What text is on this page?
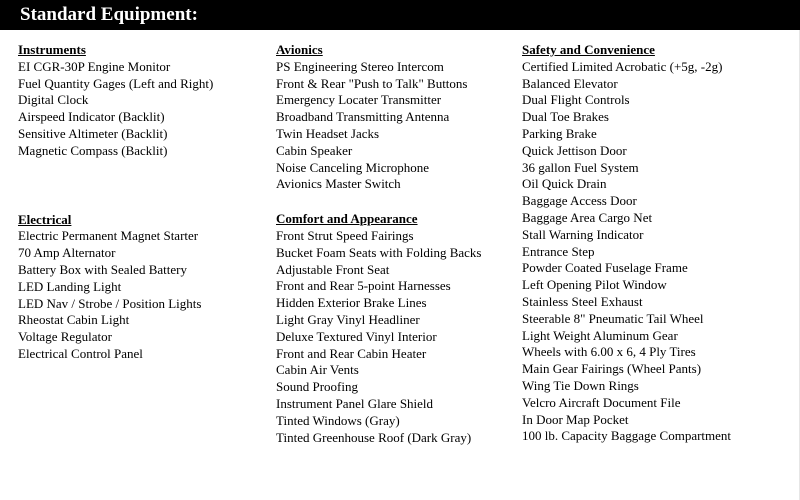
Standard Equipment:
Instruments
EI CGR-30P Engine Monitor
Fuel Quantity Gages (Left and Right)
Digital Clock
Airspeed Indicator (Backlit)
Sensitive Altimeter (Backlit)
Magnetic Compass (Backlit)
Electrical
Electric Permanent Magnet Starter
70 Amp Alternator
Battery Box with Sealed Battery
LED Landing Light
LED Nav / Strobe / Position Lights
Rheostat Cabin Light
Voltage Regulator
Electrical Control Panel
Avionics
PS Engineering Stereo Intercom
Front & Rear "Push to Talk" Buttons
Emergency Locater Transmitter
Broadband Transmitting Antenna
Twin Headset Jacks
Cabin Speaker
Noise Canceling Microphone
Avionics Master Switch
Comfort and Appearance
Front Strut Speed Fairings
Bucket Foam Seats with Folding Backs
Adjustable Front Seat
Front and Rear 5-point Harnesses
Hidden Exterior Brake Lines
Light Gray Vinyl Headliner
Deluxe Textured Vinyl Interior
Front and Rear Cabin Heater
Cabin Air Vents
Sound Proofing
Instrument Panel Glare Shield
Tinted Windows (Gray)
Tinted Greenhouse Roof (Dark Gray)
Safety and Convenience
Certified Limited Acrobatic (+5g, -2g)
Balanced Elevator
Dual Flight Controls
Dual Toe Brakes
Parking Brake
Quick Jettison Door
36 gallon Fuel System
Oil Quick Drain
Baggage Access Door
Baggage Area Cargo Net
Stall Warning Indicator
Entrance Step
Powder Coated Fuselage Frame
Left Opening Pilot Window
Stainless Steel Exhaust
Steerable 8" Pneumatic Tail Wheel
Light Weight Aluminum Gear
Wheels with 6.00 x 6, 4 Ply Tires
Main Gear Fairings (Wheel Pants)
Wing Tie Down Rings
Velcro Aircraft Document File
In Door Map Pocket
100 lb. Capacity Baggage Compartment
